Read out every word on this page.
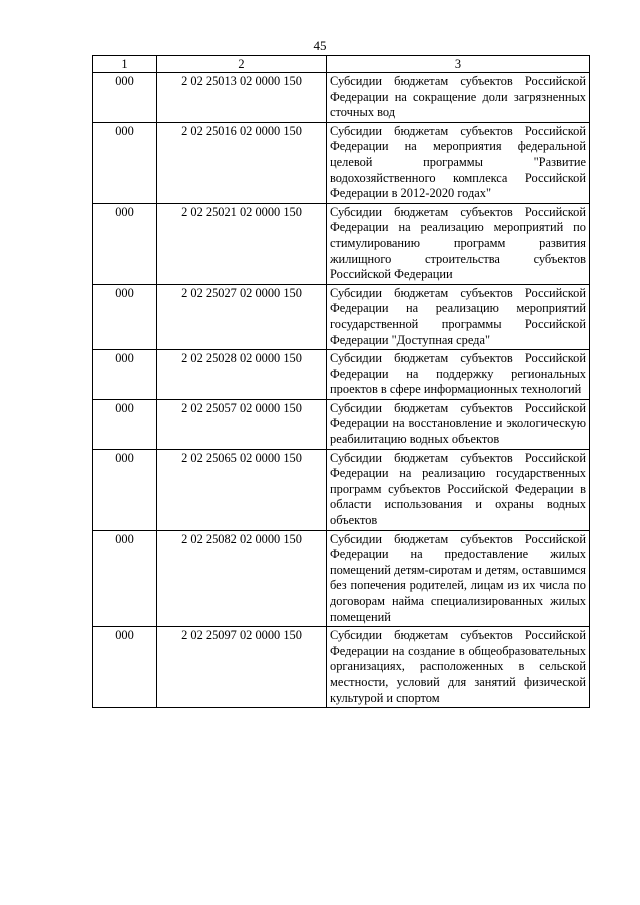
45
1	2	3
000	2 02 25013 02 0000 150	Субсидии бюджетам субъектов Российской Федерации на сокращение доли загрязненных сточных вод
000	2 02 25016 02 0000 150	Субсидии бюджетам субъектов Российской Федерации на мероприятия федеральной целевой программы "Развитие водохозяйственного комплекса Российской Федерации в 2012-2020 годах"
000	2 02 25021 02 0000 150	Субсидии бюджетам субъектов Российской Федерации на реализацию мероприятий по стимулированию программ развития жилищного строительства субъектов Российской Федерации
000	2 02 25027 02 0000 150	Субсидии бюджетам субъектов Российской Федерации на реализацию мероприятий государственной программы Российской Федерации "Доступная среда"
000	2 02 25028 02 0000 150	Субсидии бюджетам субъектов Российской Федерации на поддержку региональных проектов в сфере информационных технологий
000	2 02 25057 02 0000 150	Субсидии бюджетам субъектов Российской Федерации на восстановление и экологическую реабилитацию водных объектов
000	2 02 25065 02 0000 150	Субсидии бюджетам субъектов Российской Федерации на реализацию государственных программ субъектов Российской Федерации в области использования и охраны водных объектов
000	2 02 25082 02 0000 150	Субсидии бюджетам субъектов Российской Федерации на предоставление жилых помещений детям-сиротам и детям, оставшимся без попечения родителей, лицам из их числа по договорам найма специализированных жилых помещений
000	2 02 25097 02 0000 150	Субсидии бюджетам субъектов Российской Федерации на создание в общеобразовательных организациях, расположенных в сельской местности, условий для занятий физической культурой и спортом
